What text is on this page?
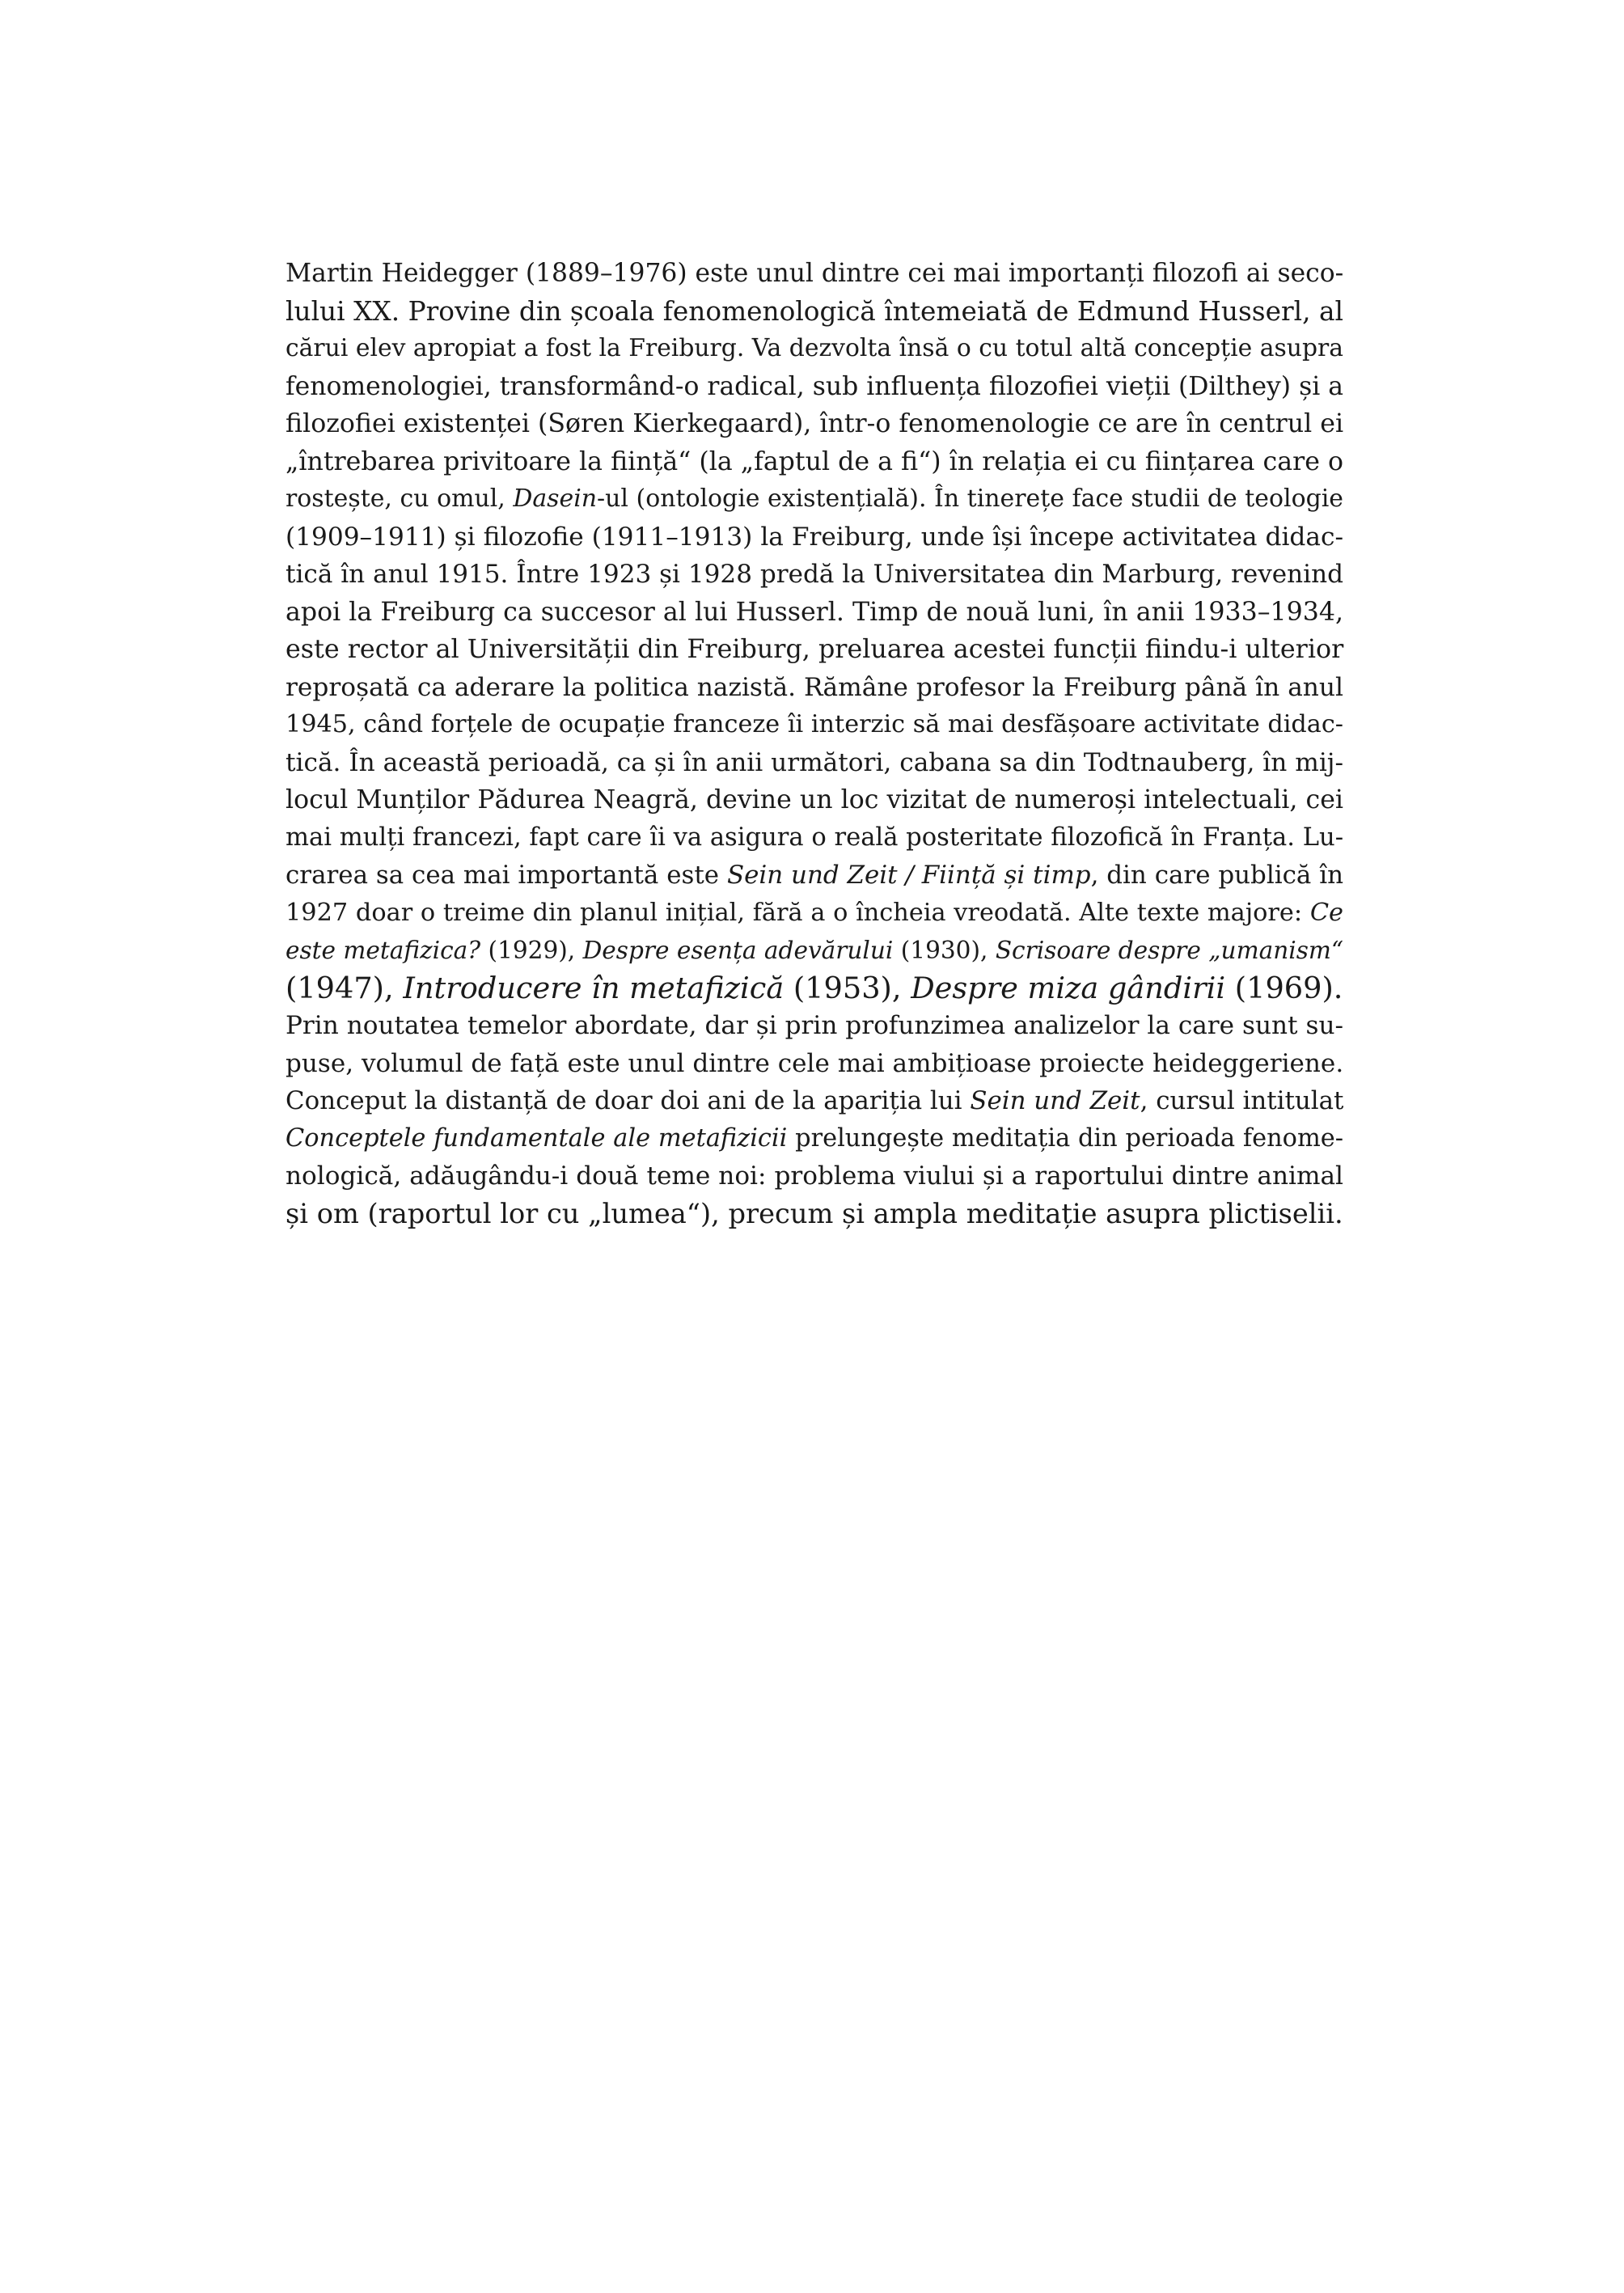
Martin Heidegger (1889–1976) este unul dintre cei mai importanți filozofi ai seco-
lului XX. Provine din școala fenomenologică întemeiată de Edmund Husserl, al
cărui elev apropiat a fost la Freiburg. Va dezvolta însă o cu totul altă concepție asupra
fenomenologiei, transformând-o radical, sub influența filozofiei vieții (Dilthey) și a
filozofiei existenței (Søren Kierkegaard), într-o fenomenologie ce are în centrul ei
„întrebarea privitoare la ființă“ (la „faptul de a fi“) în relația ei cu ființarea care o
rostește, cu omul, Dasein-ul (ontologie existențială). În tinerețe face studii de teologie
(1909–1911) și filozofie (1911–1913) la Freiburg, unde își începe activitatea didac-
tică în anul 1915. Între 1923 și 1928 predă la Universitatea din Marburg, revenind
apoi la Freiburg ca succesor al lui Husserl. Timp de nouă luni, în anii 1933–1934,
este rector al Universității din Freiburg, preluarea acestei funcții fiindu-i ulterior
reproșată ca aderare la politica nazistă. Rămâne profesor la Freiburg până în anul
1945, când forțele de ocupație franceze îi interzic să mai desfășoare activitate didac-
tică. În această perioadă, ca și în anii următori, cabana sa din Todtnauberg, în mij-
locul Munților Pădurea Neagră, devine un loc vizitat de numeroși intelectuali, cei
mai mulți francezi, fapt care îi va asigura o reală posteritate filozofică în Franța. Lu-
crarea sa cea mai importantă este Sein und Zeit / Ființă și timp, din care publică în
1927 doar o treime din planul inițial, fără a o încheia vreodată. Alte texte majore: Ce
este metafizica? (1929), Despre esența adevărului (1930), Scrisoare despre „umanism“
(1947), Introducere în metafizică (1953), Despre miza gândirii (1969).
Prin noutatea temelor abordate, dar și prin profunzimea analizelor la care sunt su-
puse, volumul de față este unul dintre cele mai ambițioase proiecte heideggeriene.
Conceput la distanță de doar doi ani de la apariția lui Sein und Zeit, cursul intitulat
Conceptele fundamentale ale metafizicii prelungește meditația din perioada fenome-
nologică, adăugându-i două teme noi: problema viului și a raportului dintre animal
și om (raportul lor cu „lumea“), precum și ampla meditație asupra plictiselii.
